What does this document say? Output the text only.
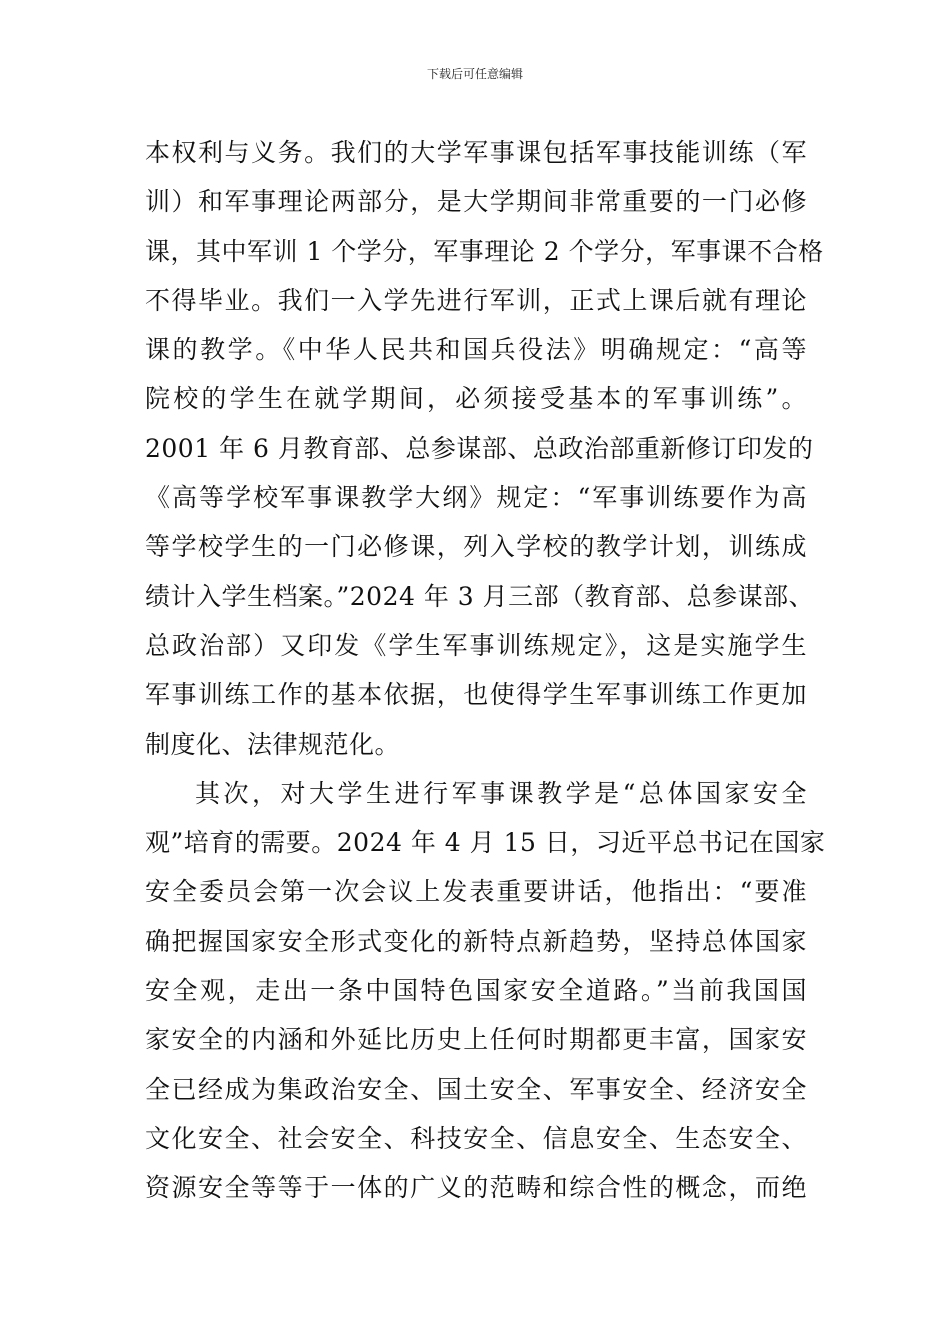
下载后可任意编辑
本权利与义务。我们的大学军事课包括军事技能训练（军
训）和军事理论两部分，是大学期间非常重要的一门必修
课，其中军训 1 个学分，军事理论 2 个学分，军事课不合格
不得毕业。我们一入学先进行军训，正式上课后就有理论
课的教学。《中华人民共和国兵役法》明确规定：“高等
院校的学生在就学期间，必须接受基本的军事训练”。
2001 年 6 月教育部、总参谋部、总政治部重新修订印发的
《高等学校军事课教学大纲》规定：“军事训练要作为高
等学校学生的一门必修课，列入学校的教学计划，训练成
绩计入学生档案。”2024 年 3 月三部（教育部、总参谋部、
总政治部）又印发《学生军事训练规定》，这是实施学生
军事训练工作的基本依据，也使得学生军事训练工作更加
制度化、法律规范化。
其次，对大学生进行军事课教学是“总体国家安全
观”培育的需要。2024 年 4 月 15 日，习近平总书记在国家
安全委员会第一次会议上发表重要讲话，他指出：“要准
确把握国家安全形式变化的新特点新趋势，坚持总体国家
安全观，走出一条中国特色国家安全道路。”当前我国国
家安全的内涵和外延比历史上任何时期都更丰富，国家安
全已经成为集政治安全、国土安全、军事安全、经济安全
文化安全、社会安全、科技安全、信息安全、生态安全、
资源安全等等于一体的广义的范畴和综合性的概念，而绝
